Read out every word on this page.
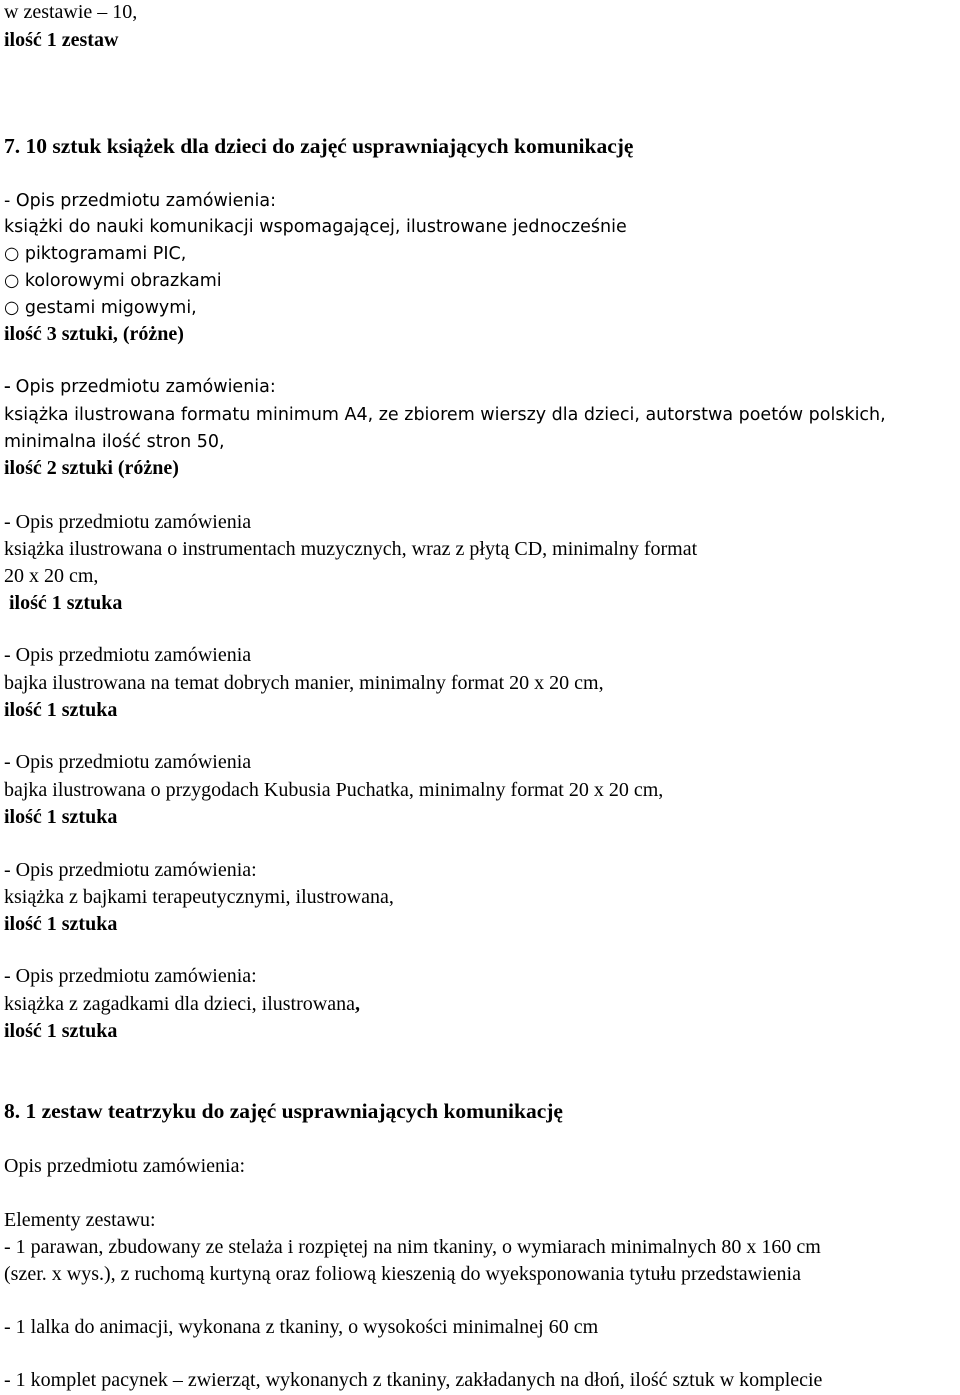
w zestawie – 10,
ilość 1 zestaw
7. 10 sztuk książek dla dzieci do zajęć usprawniających komunikację
- Opis przedmiotu zamówienia:
książki do nauki komunikacji wspomagającej, ilustrowane jednocześnie
○ piktogramami PIC,
○ kolorowymi obrazkami
○ gestami migowymi,
ilość 3 sztuki, (różne)
- Opis przedmiotu zamówienia:
książka ilustrowana formatu minimum A4, ze zbiorem wierszy dla dzieci, autorstwa poetów polskich,
minimalna ilość stron 50,
ilość 2 sztuki (różne)
- Opis przedmiotu zamówienia
książka ilustrowana o instrumentach muzycznych, wraz z płytą CD, minimalny format
20 x 20 cm,
ilość 1 sztuka
- Opis przedmiotu zamówienia
bajka ilustrowana na temat dobrych manier, minimalny format 20 x 20 cm,
ilość 1 sztuka
- Opis przedmiotu zamówienia
bajka ilustrowana o przygodach Kubusia Puchatka, minimalny format 20 x 20 cm,
ilość 1 sztuka
- Opis przedmiotu zamówienia:
książka z bajkami terapeutycznymi, ilustrowana,
ilość 1 sztuka
- Opis przedmiotu zamówienia:
książka z zagadkami dla dzieci, ilustrowana,
ilość 1 sztuka
8. 1 zestaw teatrzyku do zajęć usprawniających komunikację
Opis przedmiotu zamówienia:
Elementy zestawu:
- 1 parawan, zbudowany ze stelaża i rozpiętej na nim tkaniny, o wymiarach minimalnych 80 x 160 cm
(szer. x wys.), z ruchomą kurtyną oraz foliową kieszenią do wyeksponowania tytułu przedstawienia
- 1 lalka do animacji, wykonana z tkaniny, o wysokości minimalnej 60 cm
- 1 komplet pacynek – zwierząt, wykonanych z tkaniny, zakładanych na dłoń, ilość sztuk w komplecie
